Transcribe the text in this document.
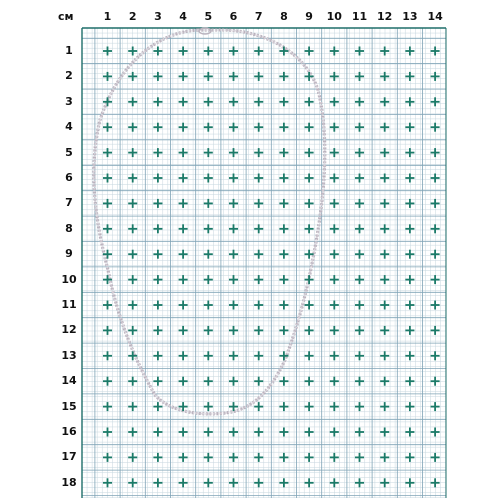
см	1	2	3	4	5	6	7	8	9	10 11 12 13 14
1
2
3
4
5
6
7
8
9
10
11
12
13
14
15
16
17
18
